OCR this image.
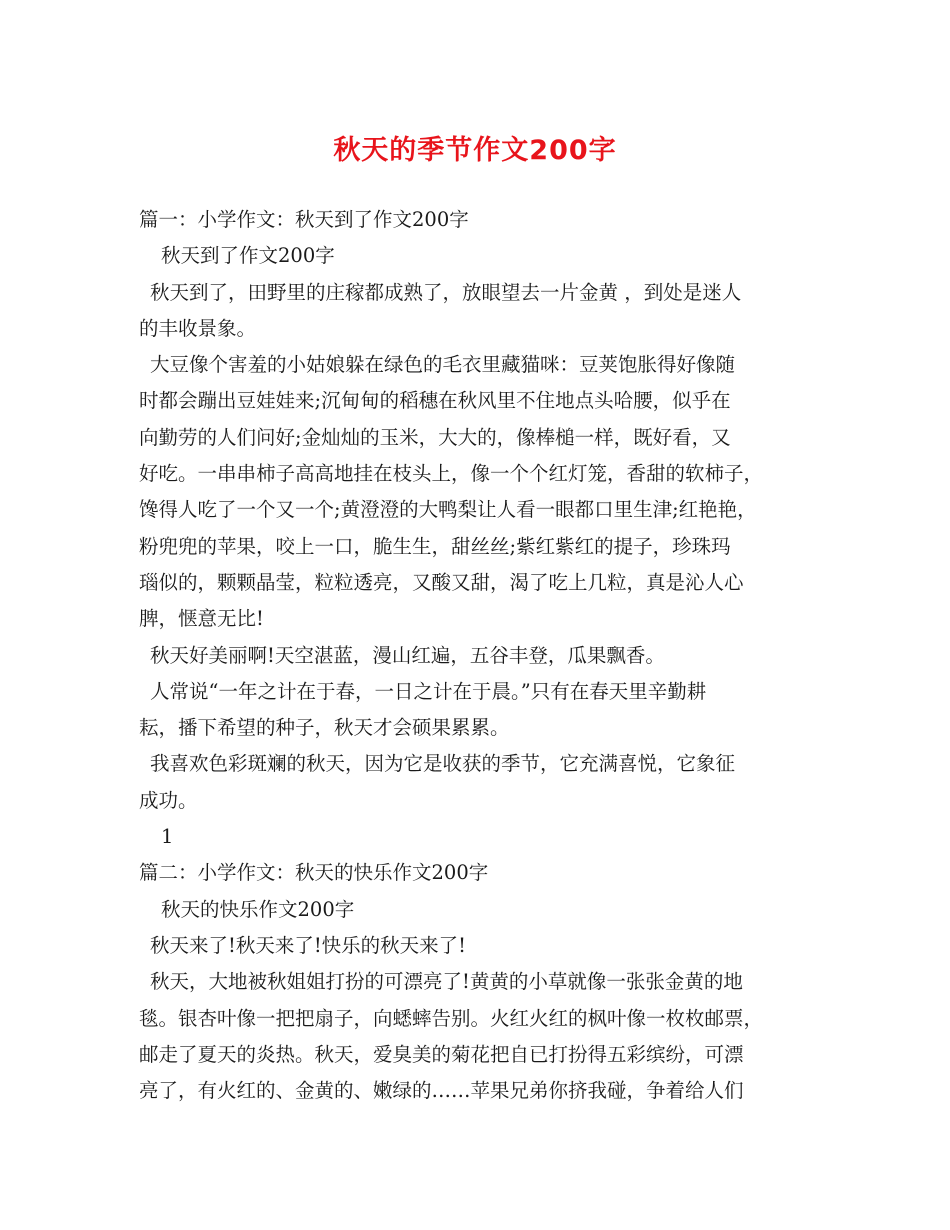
秋天的季节作文200字
篇一：小学作文：秋天到了作文200字
秋天到了作文200字
秋天到了，田野里的庄稼都成熟了，放眼望去一片金黄 ，到处是迷人
的丰收景象。
大豆像个害羞的小姑娘躲在绿色的毛衣里藏猫咪：豆荚饱胀得好像随
时都会蹦出豆娃娃来;沉甸甸的稻穗在秋风里不住地点头哈腰，似乎在
向勤劳的人们问好;金灿灿的玉米，大大的，像棒槌一样，既好看，又
好吃。一串串柿子高高地挂在枝头上，像一个个红灯笼，香甜的软柿子，
馋得人吃了一个又一个;黄澄澄的大鸭梨让人看一眼都口里生津;红艳艳，
粉兜兜的苹果，咬上一口，脆生生，甜丝丝;紫红紫红的提子，珍珠玛
瑙似的，颗颗晶莹，粒粒透亮，又酸又甜，渴了吃上几粒，真是沁人心
脾，惬意无比!
秋天好美丽啊!天空湛蓝，漫山红遍，五谷丰登，瓜果飘香。
人常说“一年之计在于春，一日之计在于晨。”只有在春天里辛勤耕
耘，播下希望的种子，秋天才会硕果累累。
我喜欢色彩斑斓的秋天，因为它是收获的季节，它充满喜悦，它象征
成功。
1
篇二：小学作文：秋天的快乐作文200字
秋天的快乐作文200字
秋天来了!秋天来了!快乐的秋天来了!
秋天，大地被秋姐姐打扮的可漂亮了!黄黄的小草就像一张张金黄的地
毯。银杏叶像一把把扇子，向蟋蟀告别。火红火红的枫叶像一枚枚邮票，
邮走了夏天的炎热。秋天，爱臭美的菊花把自已打扮得五彩缤纷，可漂
亮了，有火红的、金黄的、嫩绿的……苹果兄弟你挤我碰，争着给人们
